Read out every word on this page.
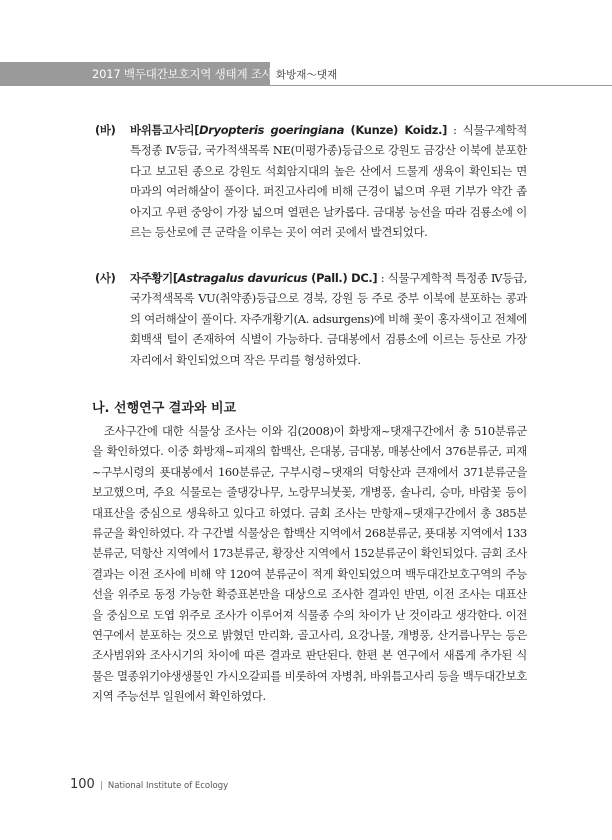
2017 백두대간보호지역 생태계 조사 화방재～댓재
(바) 바위틈고사리[Dryopteris goeringiana (Kunze) Koidz.] : 식물구계학적 특정종 Ⅳ등급, 국가적색목록 NE(미평가종)등급으로 강원도 금강산 이북에 분포한다고 보고된 종으로 강원도 석회암지대의 높은 산에서 드물게 생육이 확인되는 면마과의 여러해살이 풀이다. 퍼진고사리에 비해 근경이 넓으며 우편 기부가 약간 좁아지고 우편 중앙이 가장 넓으며 열편은 날카롭다. 금대봉 능선을 따라 검룡소에 이르는 등산로에 큰 군락을 이루는 곳이 여러 곳에서 발견되었다.
(사) 자주황기[Astragalus davuricus (Pall.) DC.] : 식물구계학적 특정종 Ⅳ등급, 국가적색목록 VU(취약종)등급으로 경북, 강원 등 주로 중부 이북에 분포하는 콩과의 여러해살이 풀이다. 자주개황기(A. adsurgens)에 비해 꽃이 홍자색이고 전체에 회백색 털이 존재하여 식별이 가능하다. 금대봉에서 검룡소에 이르는 등산로 가장자리에서 확인되었으며 작은 무리를 형성하였다.
나. 선행연구 결과와 비교
조사구간에 대한 식물상 조사는 이와 김(2008)이 화방재~댓재구간에서 총 510분류군을 확인하였다. 이중 화방재~피재의 함백산, 은대봉, 금대봉, 매봉산에서 376분류군, 피재~구부시령의 푯대봉에서 160분류군, 구부시령~댓재의 덕항산과 큰재에서 371분류군을 보고했으며, 주요 식물로는 줄댕강나무, 노랑무늬붓꽃, 개병풍, 솔나리, 승마, 바람꽃 등이 대표산을 중심으로 생육하고 있다고 하였다. 금회 조사는 만항재~댓재구간에서 총 385분류군을 확인하였다. 각 구간별 식물상은 함백산 지역에서 268분류군, 푯대봉 지역에서 133분류군, 덕항산 지역에서 173분류군, 황장산 지역에서 152분류군이 확인되었다. 금회 조사 결과는 이전 조사에 비해 약 120여 분류군이 적게 확인되었으며 백두대간보호구역의 주능선을 위주로 동정 가능한 확증표본만을 대상으로 조사한 결과인 반면, 이전 조사는 대표산을 중심으로 도엽 위주로 조사가 이루어져 식물종 수의 차이가 난 것이라고 생각한다. 이전 연구에서 분포하는 것으로 밝혔던 만리화, 골고사리, 요강나물, 개병풍, 산거름나무는 등은 조사범위와 조사시기의 차이에 따른 결과로 판단된다. 한편 본 연구에서 새롭게 추가된 식물은 멸종위기야생생물인 가시오갈피를 비롯하여 자병취, 바위틈고사리 등을 백두대간보호지역 주능선부 일원에서 확인하였다.
100 | National Institute of Ecology
